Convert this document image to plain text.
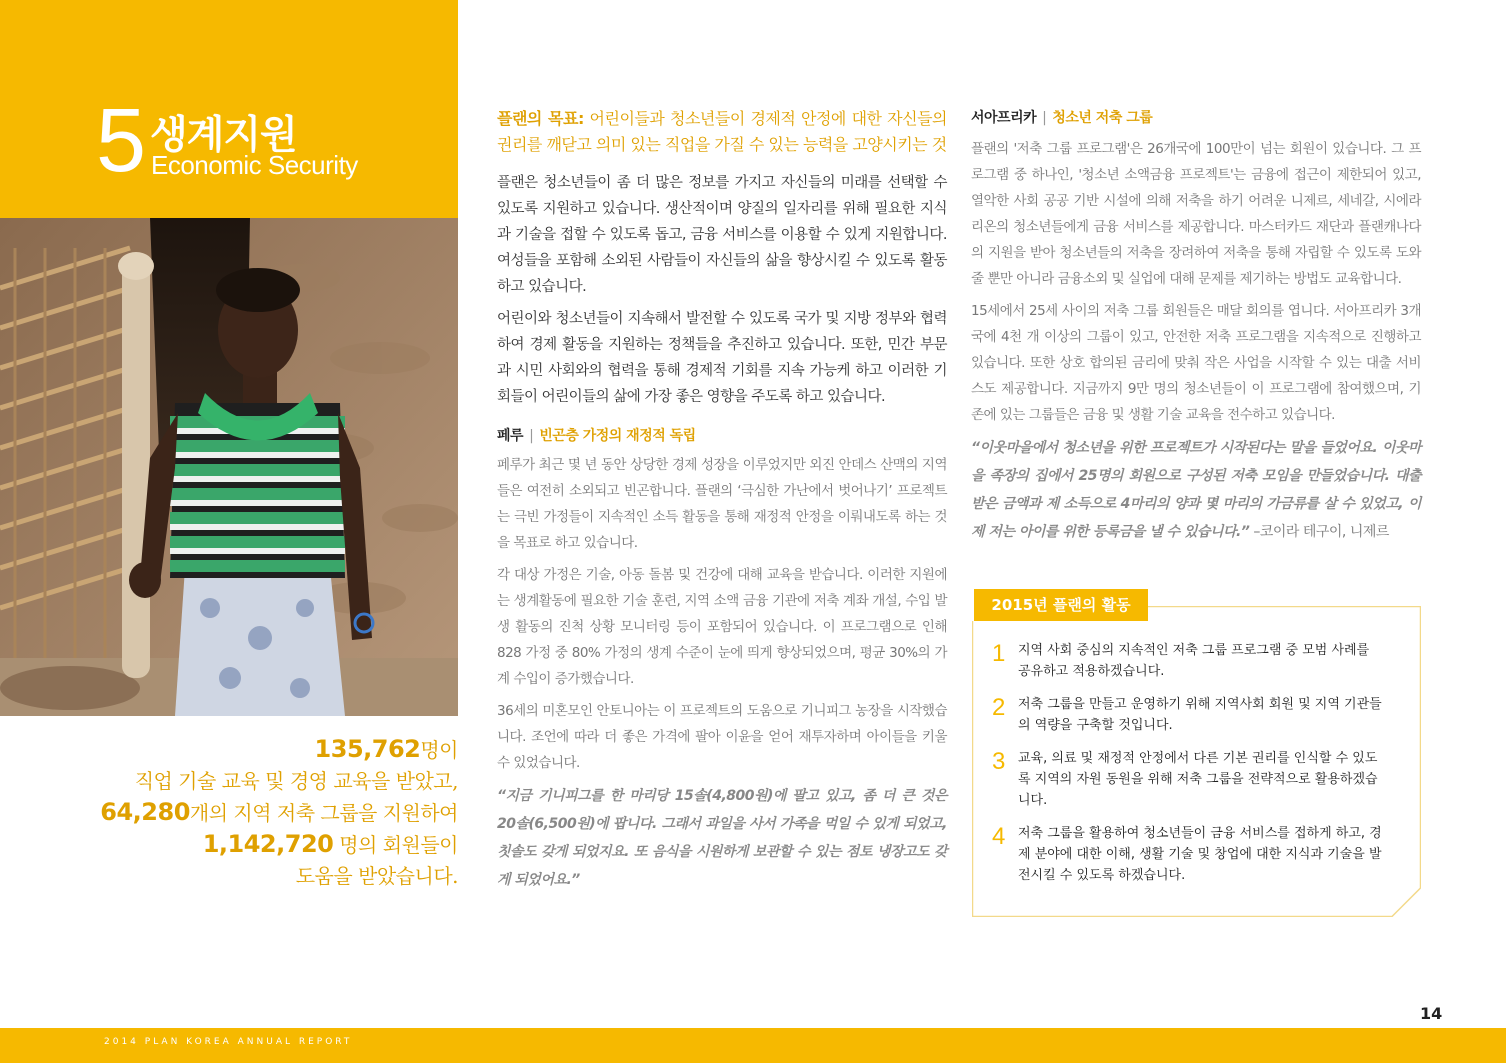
5 생계지원
Economic Security
135,762명이
직업 기술 교육 및 경영 교육을 받았고,
64,280개의 지역 저축 그룹을 지원하여
1,142,720 명의 회원들이
도움을 받았습니다.

플랜의 목표: 어린이들과 청소년들이 경제적 안정에 대한 자신들의 권리를 깨닫고 의미 있는 직업을 가질 수 있는 능력을 고양시키는 것

플랜은 청소년들이 좀 더 많은 정보를 가지고 자신들의 미래를 선택할 수 있도록 지원하고 있습니다. 생산적이며 양질의 일자리를 위해 필요한 지식과 기술을 접할 수 있도록 돕고, 금융 서비스를 이용할 수 있게 지원합니다. 여성들을 포함해 소외된 사람들이 자신들의 삶을 향상시킬 수 있도록 활동하고 있습니다.

어린이와 청소년들이 지속해서 발전할 수 있도록 국가 및 지방 정부와 협력하여 경제 활동을 지원하는 정책들을 추진하고 있습니다. 또한, 민간 부문과 시민 사회와의 협력을 통해 경제적 기회를 지속 가능케 하고 이러한 기회들이 어린이들의 삶에 가장 좋은 영향을 주도록 하고 있습니다.

페루 | 빈곤층 가정의 재정적 독립

페루가 최근 몇 년 동안 상당한 경제 성장을 이루었지만 외진 안데스 산맥의 지역들은 여전히 소외되고 빈곤합니다. 플랜의 ‘극심한 가난에서 벗어나기’ 프로젝트는 극빈 가정들이 지속적인 소득 활동을 통해 재정적 안정을 이뤄내도록 하는 것을 목표로 하고 있습니다.

각 대상 가정은 기술, 아동 돌봄 및 건강에 대해 교육을 받습니다. 이러한 지원에는 생계활동에 필요한 기술 훈련, 지역 소액 금융 기관에 저축 계좌 개설, 수입 발생 활동의 진척 상황 모니터링 등이 포함되어 있습니다. 이 프로그램으로 인해 828 가정 중 80% 가정의 생계 수준이 눈에 띄게 향상되었으며, 평균 30%의 가계 수입이 증가했습니다.

36세의 미혼모인 안토니아는 이 프로젝트의 도움으로 기니피그 농장을 시작했습니다. 조언에 따라 더 좋은 가격에 팔아 이윤을 얻어 재투자하며 아이들을 키울 수 있었습니다.

“지금 기니피그를 한 마리당 15솔(4,800원)에 팔고 있고, 좀 더 큰 것은 20솔(6,500원)에 팝니다. 그래서 과일을 사서 가족을 먹일 수 있게 되었고, 칫솔도 갖게 되었지요. 또 음식을 시원하게 보관할 수 있는 점토 냉장고도 갖게 되었어요.”

서아프리카 | 청소년 저축 그룹

플랜의 '저축 그룹 프로그램'은 26개국에 100만이 넘는 회원이 있습니다. 그 프로그램 중 하나인, '청소년 소액금융 프로젝트'는 금융에 접근이 제한되어 있고, 열악한 사회 공공 기반 시설에 의해 저축을 하기 어려운 니제르, 세네갈, 시에라리온의 청소년들에게 금융 서비스를 제공합니다. 마스터카드 재단과 플랜캐나다의 지원을 받아 청소년들의 저축을 장려하여 저축을 통해 자립할 수 있도록 도와줄 뿐만 아니라 금융소외 및 실업에 대해 문제를 제기하는 방법도 교육합니다.

15세에서 25세 사이의 저축 그룹 회원들은 매달 회의를 엽니다. 서아프리카 3개국에 4천 개 이상의 그룹이 있고, 안전한 저축 프로그램을 지속적으로 진행하고 있습니다. 또한 상호 합의된 금리에 맞춰 작은 사업을 시작할 수 있는 대출 서비스도 제공합니다. 지금까지 9만 명의 청소년들이 이 프로그램에 참여했으며, 기존에 있는 그룹들은 금융 및 생활 기술 교육을 전수하고 있습니다.

“이웃마을에서 청소년을 위한 프로젝트가 시작된다는 말을 들었어요. 이웃마을 족장의 집에서 25명의 회원으로 구성된 저축 모임을 만들었습니다. 대출받은 금액과 제 소득으로 4마리의 양과 몇 마리의 가금류를 살 수 있었고, 이제 저는 아이를 위한 등록금을 낼 수 있습니다.” –코이라 테구이, 니제르

2015년 플랜의 활동
1 지역 사회 중심의 지속적인 저축 그룹 프로그램 중 모범 사례를 공유하고 적용하겠습니다.
2 저축 그룹을 만들고 운영하기 위해 지역사회 회원 및 지역 기관들의 역량을 구축할 것입니다.
3 교육, 의료 및 재정적 안정에서 다른 기본 권리를 인식할 수 있도록 지역의 자원 동원을 위해 저축 그룹을 전략적으로 활용하겠습니다.
4 저축 그룹을 활용하여 청소년들이 금융 서비스를 접하게 하고, 경제 분야에 대한 이해, 생활 기술 및 창업에 대한 지식과 기술을 발전시킬 수 있도록 하겠습니다.
14
2014 PLAN KOREA ANNUAL REPORT
